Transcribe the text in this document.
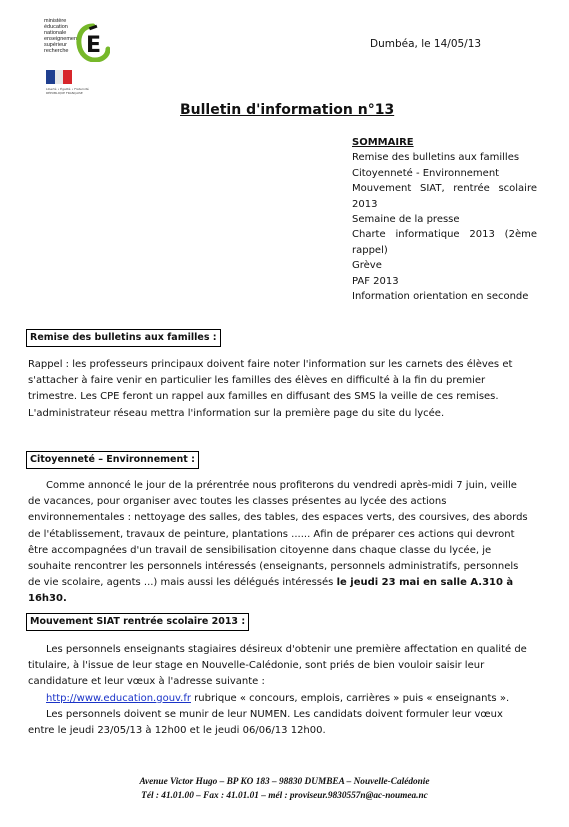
ministère
éducation
nationale
enseignement
supérieur
recherche E
Liberté • Égalité • Fraternité
RÉPUBLIQUE FRANÇAISE
Dumbéa, le 14/05/13
Bulletin d'information n°13
SOMMAIRE
Remise des bulletins aux familles
Citoyenneté - Environnement
Mouvement SIAT, rentrée scolaire 2013
Semaine de la presse
Charte informatique 2013 (2ème rappel)
Grève
PAF 2013
Information orientation en seconde
Remise des bulletins aux familles :
Rappel : les professeurs principaux doivent faire noter l'information sur les carnets des élèves et
s'attacher à faire venir en particulier les familles des élèves en difficulté à la fin du premier
trimestre. Les CPE feront un rappel aux familles en diffusant des SMS la veille de ces remises.
L'administrateur réseau mettra l'information sur la première page du site du lycée.
Citoyenneté – Environnement :
Comme annoncé le jour de la prérentrée nous profiterons du vendredi après-midi 7 juin, veille
de vacances, pour organiser avec toutes les classes présentes au lycée des actions
environnementales : nettoyage des salles, des tables, des espaces verts, des coursives, des abords
de l'établissement, travaux de peinture, plantations ...... Afin de préparer ces actions qui devront
être accompagnées d'un travail de sensibilisation citoyenne dans chaque classe du lycée, je
souhaite rencontrer les personnels intéressés (enseignants, personnels administratifs, personnels
de vie scolaire, agents ...) mais aussi les délégués intéressés le jeudi 23 mai en salle A.310 à
16h30.
Mouvement SIAT rentrée scolaire 2013 :
Les personnels enseignants stagiaires désireux d'obtenir une première affectation en qualité de
titulaire, à l'issue de leur stage en Nouvelle-Calédonie, sont priés de bien vouloir saisir leur
candidature et leur vœux à l'adresse suivante :
http://www.education.gouv.fr rubrique « concours, emplois, carrières » puis « enseignants ».
Les personnels doivent se munir de leur NUMEN. Les candidats doivent formuler leur vœux
entre le jeudi 23/05/13 à 12h00 et le jeudi 06/06/13 12h00.
Avenue Victor Hugo – BP KO 183 – 98830 DUMBEA – Nouvelle-Calédonie
Tél : 41.01.00 – Fax : 41.01.01 – mél : proviseur.9830557n@ac-noumea.nc
